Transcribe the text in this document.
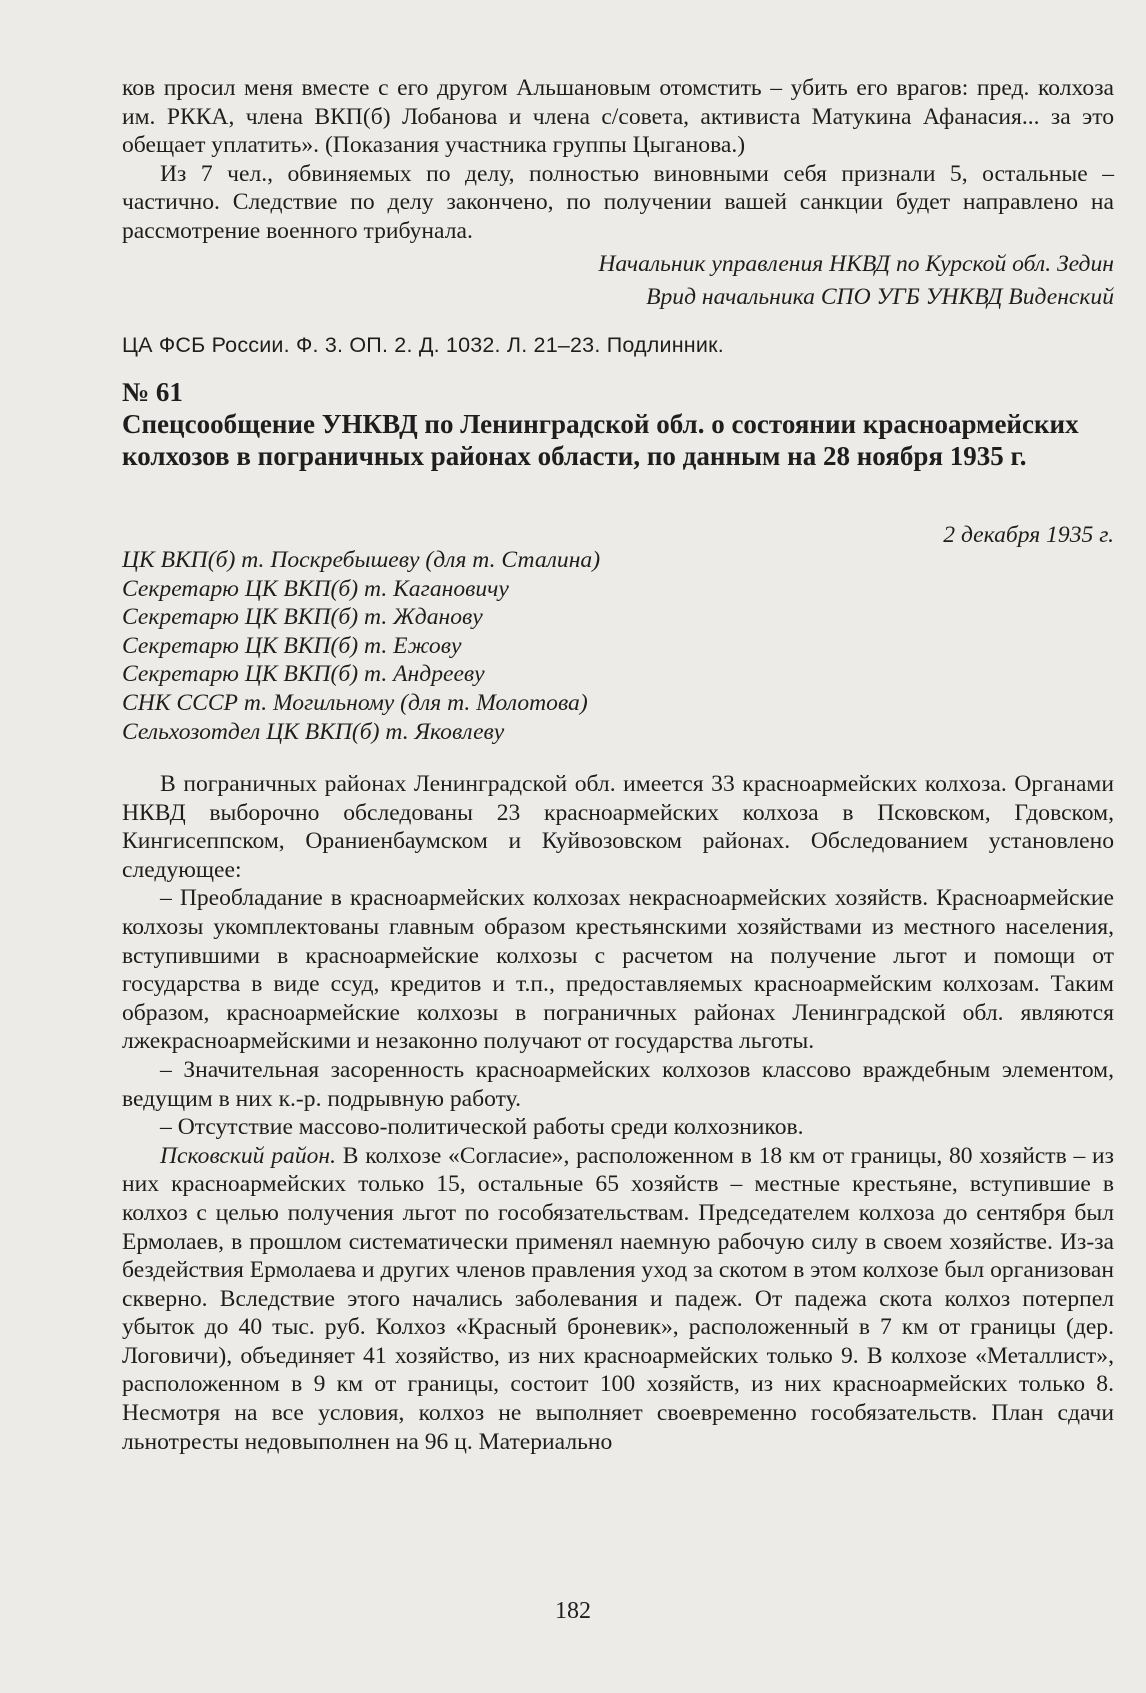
ков просил меня вместе с его другом Альшановым отомстить – убить его врагов: пред. колхоза им. РККА, члена ВКП(б) Лобанова и члена с/совета, активиста Матукина Афанасия... за это обещает уплатить». (Показания участника группы Цыганова.)

Из 7 чел., обвиняемых по делу, полностью виновными себя признали 5, остальные – частично. Следствие по делу закончено, по получении вашей санкции будет направлено на рассмотрение военного трибунала.

Начальник управления НКВД по Курской обл. Зедин

Врид начальника СПО УГБ УНКВД Виденский

ЦА ФСБ России. Ф. 3. ОП. 2. Д. 1032. Л. 21–23. Подлинник.

№ 61

Спецсообщение УНКВД по Ленинградской обл. о состоянии красноармейских колхозов в пограничных районах области, по данным на 28 ноября 1935 г.

2 декабря 1935 г.

ЦК ВКП(б) т. Поскребышеву (для т. Сталина)

Секретарю ЦК ВКП(б) т. Кагановичу

Секретарю ЦК ВКП(б) т. Жданову

Секретарю ЦК ВКП(б) т. Ежову

Секретарю ЦК ВКП(б) т. Андрееву

СНК СССР т. Могильному (для т. Молотова)

Сельхозотдел ЦК ВКП(б) т. Яковлеву

В пограничных районах Ленинградской обл. имеется 33 красноармейских колхоза. Органами НКВД выборочно обследованы 23 красноармейских колхоза в Псковском, Гдовском, Кингисеппском, Ораниенбаумском и Куйвозовском районах. Обследованием установлено следующее:

– Преобладание в красноармейских колхозах некрасноармейских хозяйств. Красноармейские колхозы укомплектованы главным образом крестьянскими хозяйствами из местного населения, вступившими в красноармейские колхозы с расчетом на получение льгот и помощи от государства в виде ссуд, кредитов и т.п., предоставляемых красноармейским колхозам. Таким образом, красноармейские колхозы в пограничных районах Ленинградской обл. являются лжекрасноармейскими и незаконно получают от государства льготы.

– Значительная засоренность красноармейских колхозов классово враждебным элементом, ведущим в них к.-р. подрывную работу.

– Отсутствие массово-политической работы среди колхозников.

Псковский район. В колхозе «Согласие», расположенном в 18 км от границы, 80 хозяйств – из них красноармейских только 15, остальные 65 хозяйств – местные крестьяне, вступившие в колхоз с целью получения льгот по гособязательствам. Председателем колхоза до сентября был Ермолаев, в прошлом систематически применял наемную рабочую силу в своем хозяйстве. Из-за бездействия Ермолаева и других членов правления уход за скотом в этом колхозе был организован скверно. Вследствие этого начались заболевания и падеж. От падежа скота колхоз потерпел убыток до 40 тыс. руб. Колхоз «Красный броневик», расположенный в 7 км от границы (дер. Логовичи), объединяет 41 хозяйство, из них красноармейских только 9. В колхозе «Металлист», расположенном в 9 км от границы, состоит 100 хозяйств, из них красноармейских только 8. Несмотря на все условия, колхоз не выполняет своевременно гособязательств. План сдачи льнотресты недовыполнен на 96 ц. Материально

182
